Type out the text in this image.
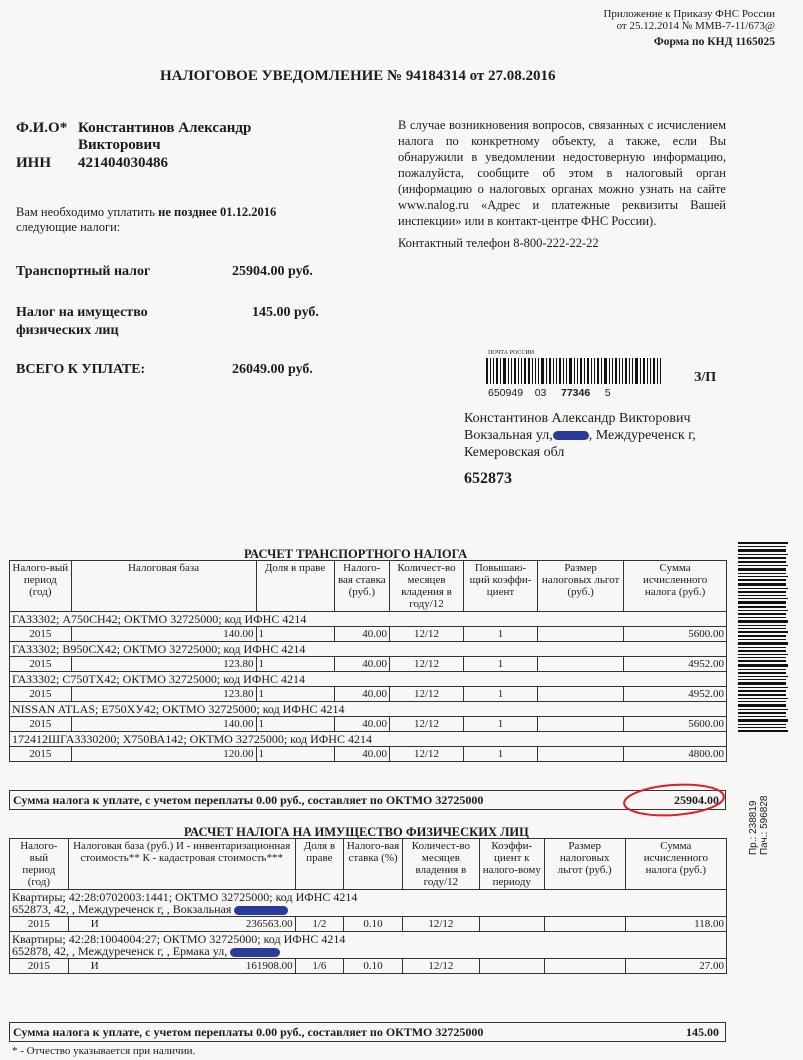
Приложение к Приказу ФНС России
от 25.12.2014 № ММВ-7-11/673@
Форма по КНД 1165025
НАЛОГОВОЕ УВЕДОМЛЕНИЕ № 94184314 от 27.08.2016
Ф.И.О* Константинов Александр
Викторович
ИНН 421404030486
Вам необходимо уплатить не позднее 01.12.2016
следующие налоги:
Транспортный налог	25904.00 руб.
Налог на имущество
физических лиц
145.00 руб.
ВСЕГО К УПЛАТЕ:	26049.00 руб.
В случае возникновения вопросов, связанных с исчислением налога по конкретному объекту, а также, если Вы обнаружили в уведомлении недостоверную информацию, пожалуйста, сообщите об этом в налоговый орган (информацию о налоговых органах можно узнать на сайте www.nalog.ru «Адрес и платежные реквизиты Вашей инспекции» или в контакт-центре ФНС России).
Контактный телефон 8-800-222-22-22
ПОЧТА РОССИИ
650949 03 77346 5
З/П
Константинов Александр Викторович
Вокзальная ул,	, Междуреченск г,
Кемеровская обл
652873
Пр.: 238819 Пач.: 596828
РАСЧЕТ ТРАНСПОРТНОГО НАЛОГА
Налого-вый период (год)	Налоговая база	Доля в праве	Налого-вая ставка (руб.)	Количест-во месяцев владения в году/12	Повышаю-щий коэффи-циент	Размер налоговых льгот (руб.)	Сумма исчисленного налога (руб.)
ГАЗ3302; А750СН42; ОКТМО 32725000; код ИФНС 4214							
2015	140.00	1	40.00	12/12	1		5600.00
ГАЗ3302; В950СХ42; ОКТМО 32725000; код ИФНС 4214							
2015	123.80	1	40.00	12/12	1		4952.00
ГАЗ3302; С750ТХ42; ОКТМО 32725000; код ИФНС 4214							
2015	123.80	1	40.00	12/12	1		4952.00
NISSAN ATLAS; Е750ХУ42; ОКТМО 32725000; код ИФНС 4214							
2015	140.00	1	40.00	12/12	1		5600.00
172412ШГА3330200; Х750ВА142; ОКТМО 32725000; код ИФНС 4214							
2015	120.00	1	40.00	12/12	1		4800.00
Сумма налога к уплате, с учетом переплаты 0.00 руб., составляет по ОКТМО 32725000	25904.00
РАСЧЕТ НАЛОГА НА ИМУЩЕСТВО ФИЗИЧЕСКИХ ЛИЦ
Налого-вый период (год)	Налоговая база (руб.) И - инвентаризационная стоимость** К - кадастровая стоимость***	Доля в праве	Налого-вая ставка (%)	Количест-во месяцев владения в году/12	Коэффи-циент к налого-вому периоду	Размер налоговых льгот (руб.)	Сумма исчисленного налога (руб.)

Квартиры; 42:28:0702003:1441; ОКТМО 32725000; код ИФНС 4214
652873, 42, , Междуреченск г, , Вокзальная							

2015	И 236563.00	1/2	0.10	12/12			118.00

Квартиры; 42:28:1004004:27; ОКТМО 32725000; код ИФНС 4214
652878, 42, , Междуреченск г, , Ермака ул,							

2015	И 161908.00	1/6	0.10	12/12			27.00
Сумма налога к уплате, с учетом переплаты 0.00 руб., составляет по ОКТМО 32725000	145.00
* - Отчество указывается при наличии.
